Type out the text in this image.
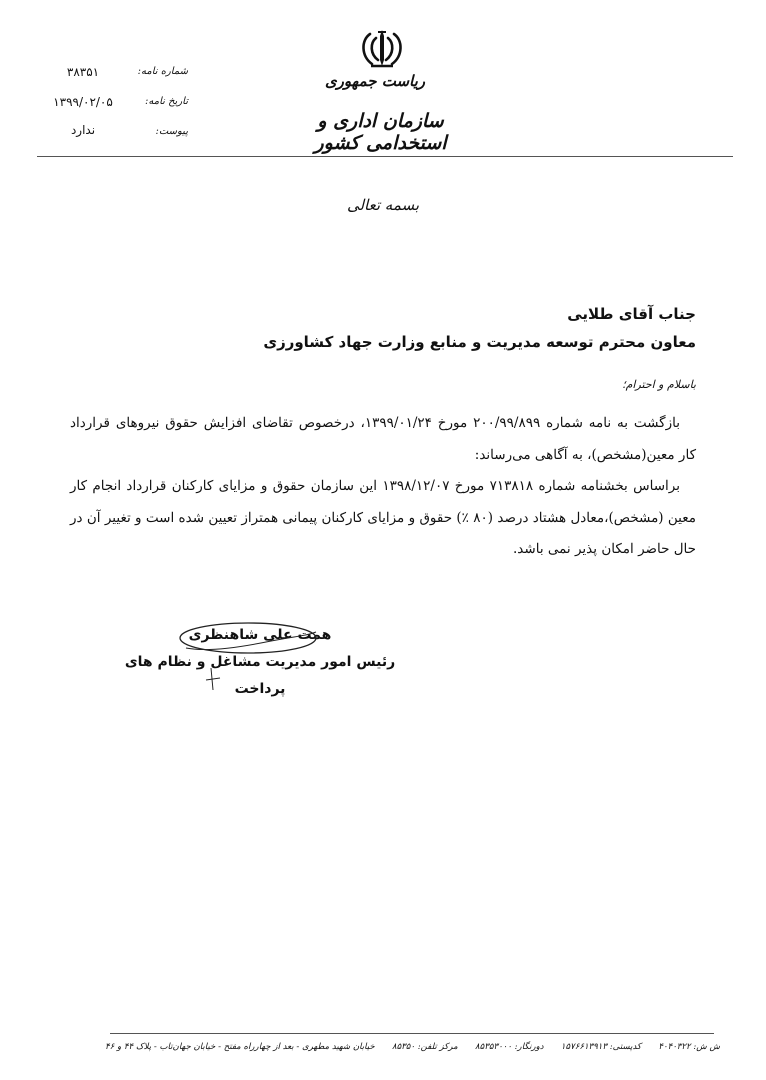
ریاست جمهوری
سازمان اداری و استخدامی کشور
شماره نامه:
۳۸۳۵۱
تاریخ نامه:
۱۳۹۹/۰۲/۰۵
پیوست:
ندارد
بسمه تعالی
جناب آقای طلایی
معاون محترم توسعه مدیریت و منابع وزارت جهاد کشاورزی
باسلام و احترام؛

بازگشت به نامه شماره ۲۰۰/۹۹/۸۹۹ مورخ ۱۳۹۹/۰۱/۲۴، درخصوص تقاضای افزایش حقوق نیروهای قرارداد کار معین(مشخص)، به آگاهی می‌رساند:

براساس بخشنامه شماره ۷۱۳۸۱۸ مورخ ۱۳۹۸/۱۲/۰۷ این سازمان حقوق و مزایای کارکنان قرارداد انجام کار معین (مشخص)،معادل هشتاد درصد (۸۰ ٪) حقوق و مزایای کارکنان پیمانی همتراز تعیین شده است و تغییر آن در حال حاضر امکان پذیر نمی باشد.

همت علی شاهنظری
رئیس امور مدیریت مشاغل و نظام های
پرداخت
خیابان شهید مطهری - بعد از چهارراه مفتح - خیابان جهان‌تاب - پلاک ۴۴ و ۴۶ مرکز تلفن: ۸۵۳۵۰ دورنگار: ۸۵۳۵۳۰۰۰ کدپستی: ۱۵۷۶۶۱۳۹۱۳ ش ش: ۴۰۴۰۳۲۲
